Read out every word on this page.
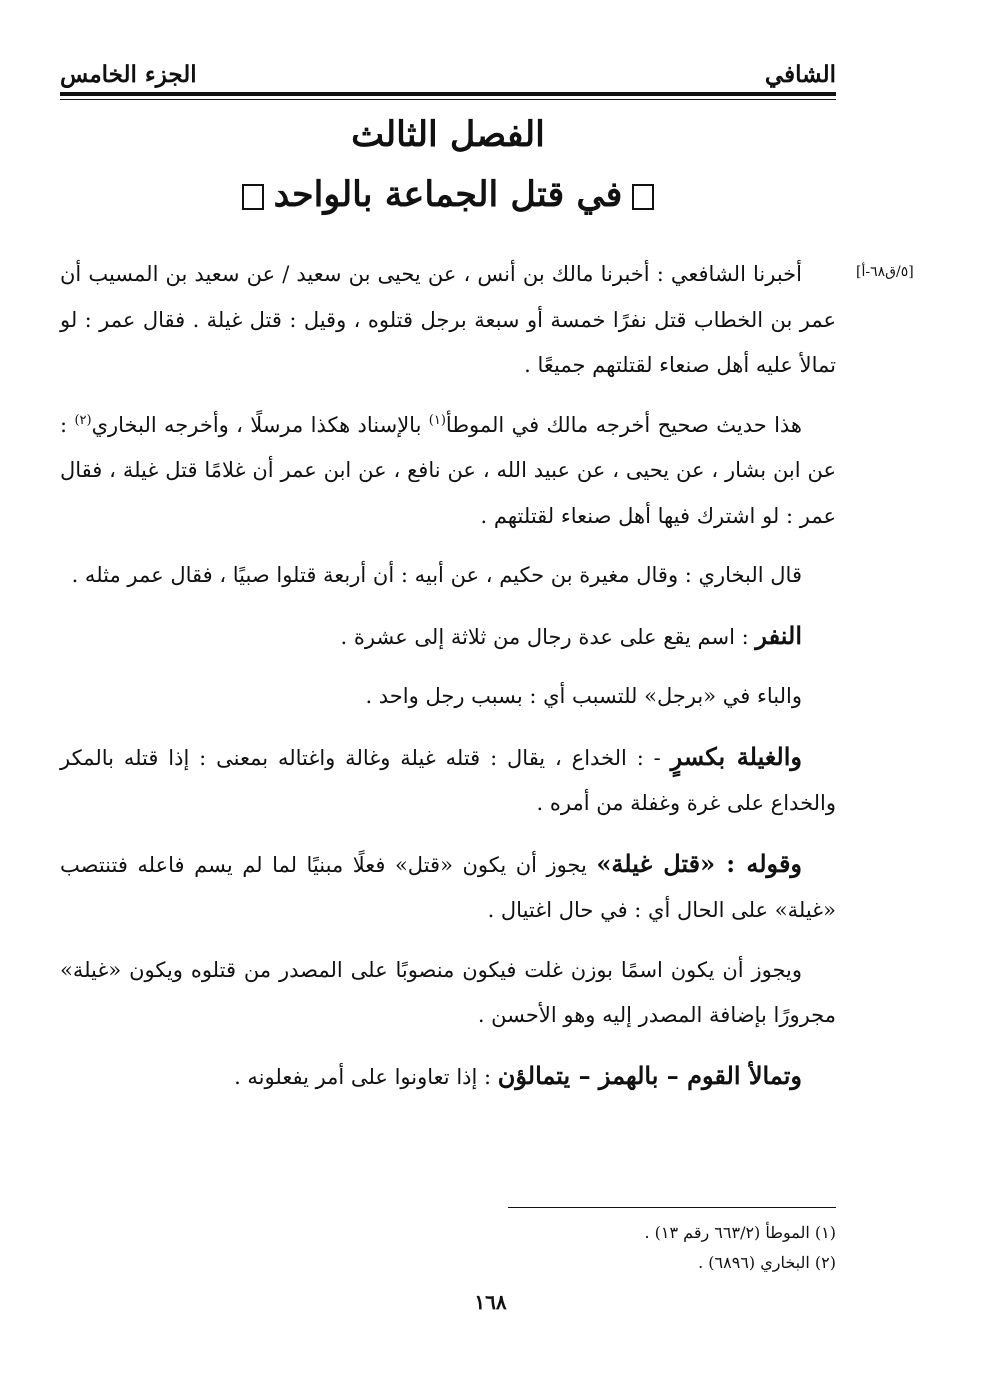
الشافي
الجزء الخامس
الفصل الثالث
في قتل الجماعة بالواحد
[٥/ق٦٨-أ]

أخبرنا الشافعي : أخبرنا مالك بن أنس ، عن يحيى بن سعيد / عن سعيد بن المسيب أن عمر بن الخطاب قتل نفرًا خمسة أو سبعة برجل قتلوه ، وقيل : قتل غيلة . فقال عمر : لو تمالأ عليه أهل صنعاء لقتلتهم جميعًا .

هذا حديث صحيح أخرجه مالك في الموطأ$^{(١)}$ بالإسناد هكذا مرسلًا ، وأخرجه البخاري$^{(٢)}$ : عن ابن بشار ، عن يحيى ، عن عبيد الله ، عن نافع ، عن ابن عمر أن غلامًا قتل غيلة ، فقال عمر : لو اشترك فيها أهل صنعاء لقتلتهم .

قال البخاري : وقال مغيرة بن حكيم ، عن أبيه : أن أربعة قتلوا صبيًا ، فقال عمر مثله .

النفر : اسم يقع على عدة رجال من ثلاثة إلى عشرة .

والباء في «برجل» للتسبب أي : بسبب رجل واحد .

والغيلة بكسرٍ - : الخداع ، يقال : قتله غيلة وغالة واغتاله بمعنى : إذا قتله بالمكر والخداع على غرة وغفلة من أمره .

وقوله : «قتل غيلة» يجوز أن يكون «قتل» فعلًا مبنيًا لما لم يسم فاعله فتنتصب «غيلة» على الحال أي : في حال اغتيال .

ويجوز أن يكون اسمًا بوزن غلت فيكون منصوبًا على المصدر من قتلوه ويكون «غيلة» مجرورًا بإضافة المصدر إليه وهو الأحسن .

وتمالأ القوم – بالهمز – يتمالؤن : إذا تعاونوا على أمر يفعلونه .

(١) الموطأ (٦٦٣/٢ رقم ١٣) .
(٢) البخاري (٦٨٩٦) .
١٦٨
